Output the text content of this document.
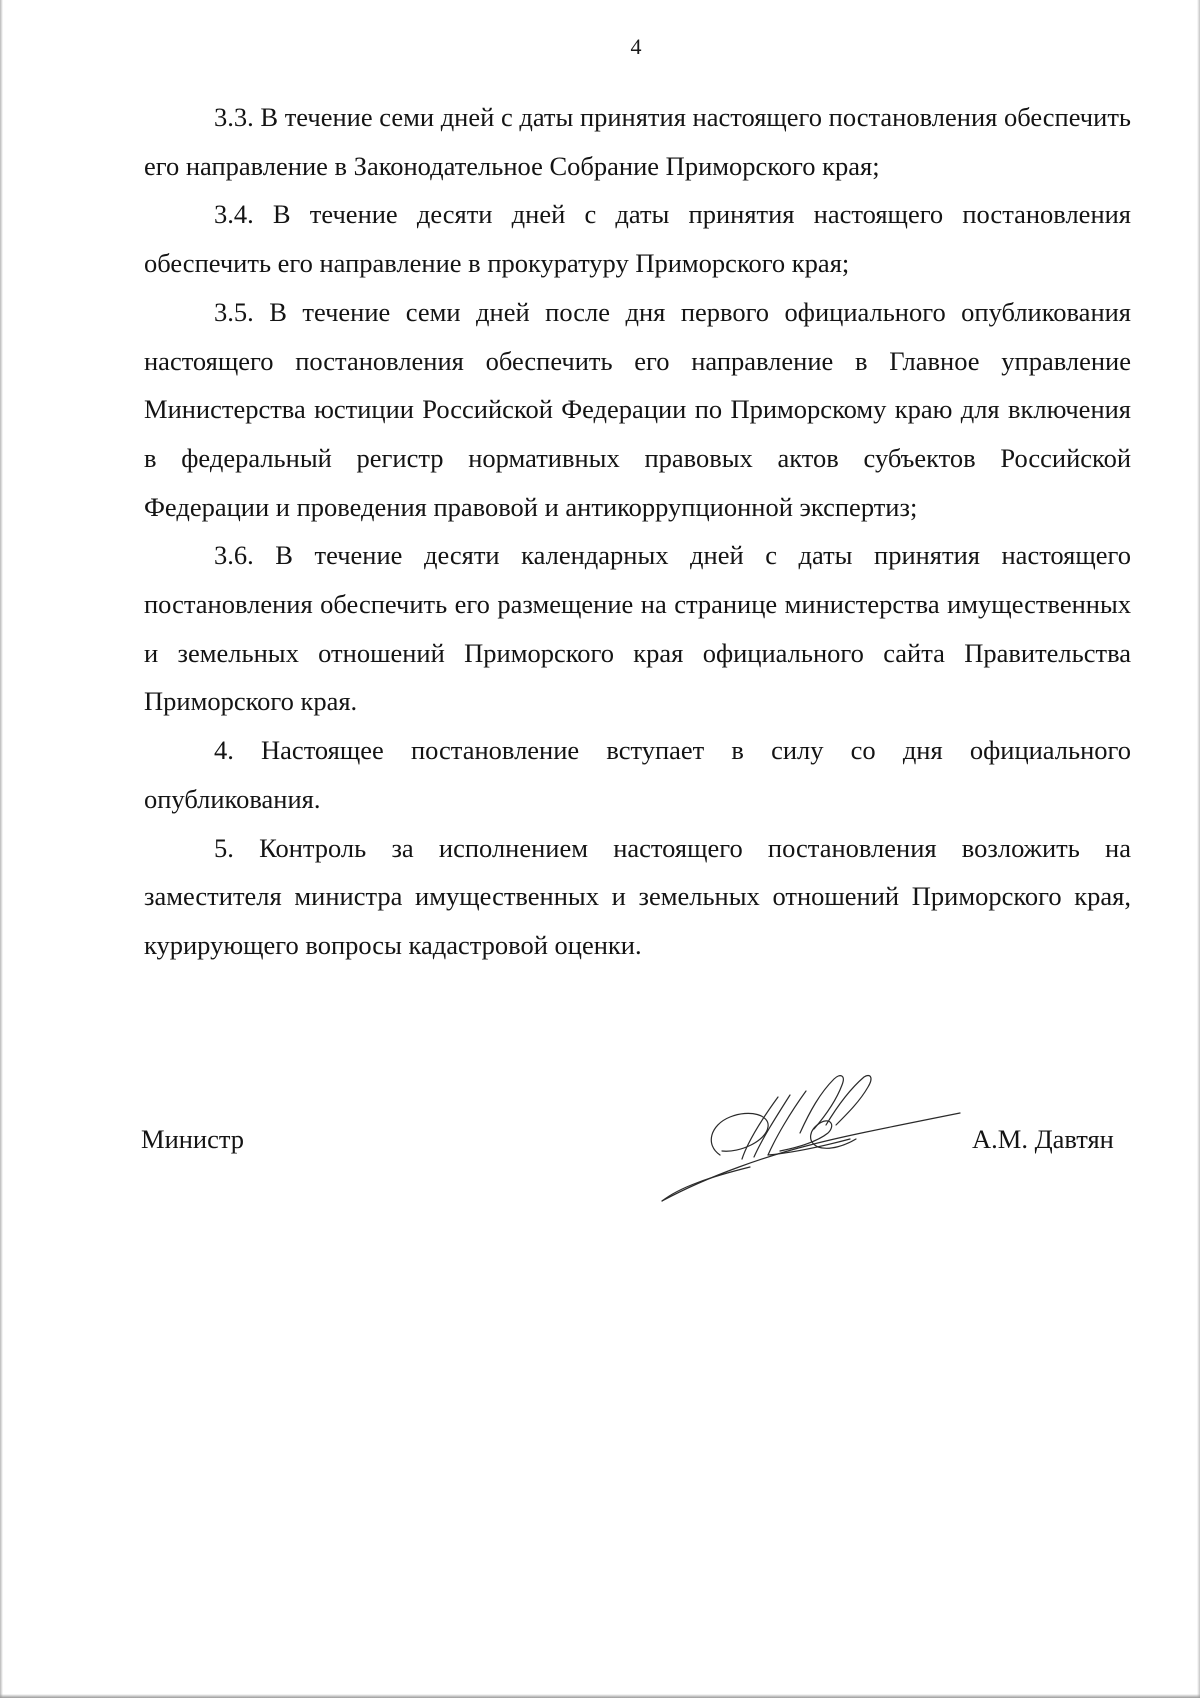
4

3.3. В течение семи дней с даты принятия настоящего постановления обеспечить его направление в Законодательное Собрание Приморского края;

3.4. В течение десяти дней с даты принятия настоящего постановления обеспечить его направление в прокуратуру Приморского края;

3.5. В течение семи дней после дня первого официального опубликования настоящего постановления обеспечить его направление в Главное управление Министерства юстиции Российской Федерации по Приморскому краю для включения в федеральный регистр нормативных правовых актов субъектов Российской Федерации и проведения правовой и антикоррупционной экспертиз;

3.6. В течение десяти календарных дней с даты принятия настоящего постановления обеспечить его размещение на странице министерства имущественных и земельных отношений Приморского края официального сайта Правительства Приморского края.

4. Настоящее постановление вступает в силу со дня официального опубликования.

5. Контроль за исполнением настоящего постановления возложить на заместителя министра имущественных и земельных отношений Приморского края, курирующего вопросы кадастровой оценки.

Министр	А.М. Давтян
